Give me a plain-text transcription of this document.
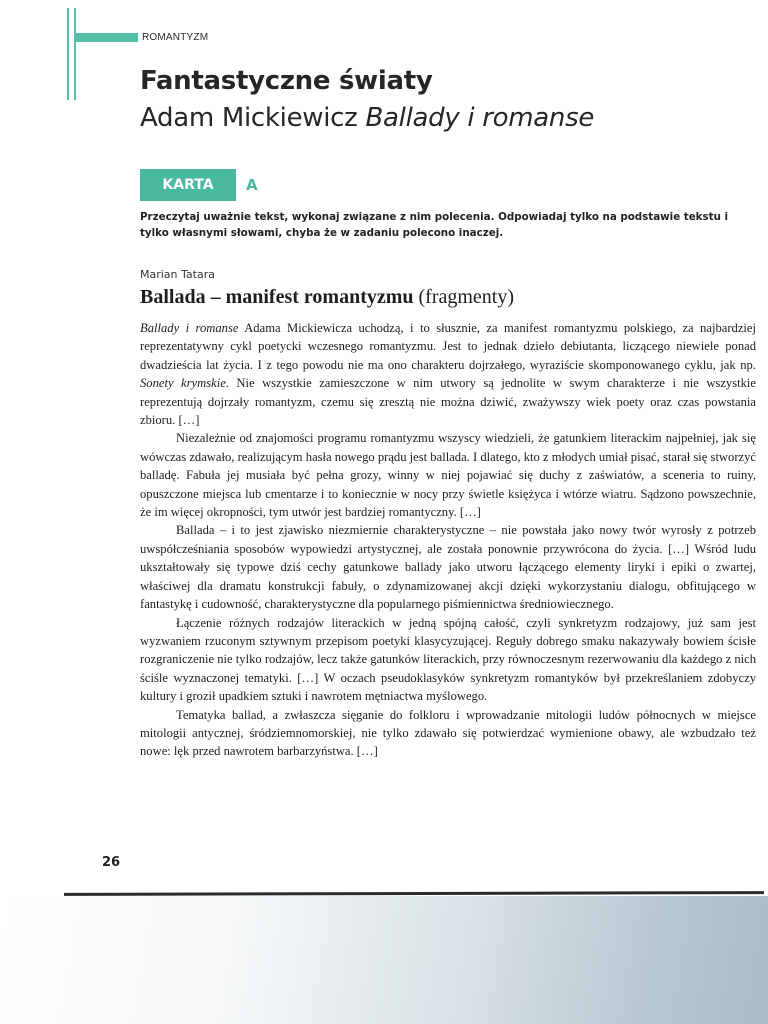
ROMANTYZM
Fantastyczne światy
Adam Mickiewicz Ballady i romanse
KARTA A
Przeczytaj uważnie tekst, wykonaj związane z nim polecenia. Odpowiadaj tylko na podstawie tekstu i tylko własnymi słowami, chyba że w zadaniu polecono inaczej.
Marian Tatara
Ballada – manifest romantyzmu (fragmenty)

Ballady i romanse Adama Mickiewicza uchodzą, i to słusznie, za manifest romantyzmu polskiego, za najbardziej reprezentatywny cykl poetycki wczesnego romantyzmu. Jest to jednak dzieło debiutanta, liczącego niewiele ponad dwadzieścia lat życia. I z tego powodu nie ma ono charakteru dojrzałego, wyraziście skomponowanego cyklu, jak np. Sonety krymskie. Nie wszystkie zamieszczone w nim utwory są jednolite w swym charakterze i nie wszystkie reprezentują dojrzały romantyzm, czemu się zresztą nie można dziwić, zważywszy wiek poety oraz czas powstania zbioru. […]

Niezależnie od znajomości programu romantyzmu wszyscy wiedzieli, że gatunkiem literackim najpełniej, jak się wówczas zdawało, realizującym hasła nowego prądu jest ballada. I dlatego, kto z młodych umiał pisać, starał się stworzyć balladę. Fabuła jej musiała być pełna grozy, winny w niej pojawiać się duchy z zaświatów, a sceneria to ruiny, opuszczone miejsca lub cmentarze i to koniecznie w nocy przy świetle księżyca i wtórze wiatru. Sądzono powszechnie, że im więcej okropności, tym utwór jest bardziej romantyczny. […]

Ballada – i to jest zjawisko niezmiernie charakterystyczne – nie powstała jako nowy twór wyrosły z potrzeb uwspółcześniania sposobów wypowiedzi artystycznej, ale została ponownie przywrócona do życia. […] Wśród ludu ukształtowały się typowe dziś cechy gatunkowe ballady jako utworu łączącego elementy liryki i epiki o zwartej, właściwej dla dramatu konstrukcji fabuły, o zdynamizowanej akcji dzięki wykorzystaniu dialogu, obfitującego w fantastykę i cudowność, charakterystyczne dla popularnego piśmiennictwa średniowiecznego.

Łączenie różnych rodzajów literackich w jedną spójną całość, czyli synkretyzm rodzajowy, już sam jest wyzwaniem rzuconym sztywnym przepisom poetyki klasycyzującej. Reguły dobrego smaku nakazywały bowiem ścisłe rozgraniczenie nie tylko rodzajów, lecz także gatunków literackich, przy równoczesnym rezerwowaniu dla każdego z nich ściśle wyznaczonej tematyki. […] W oczach pseudoklasyków synkretyzm romantyków był przekreślaniem zdobyczy kultury i groził upadkiem sztuki i nawrotem mętniactwa myślowego.

Tematyka ballad, a zwłaszcza sięganie do folkloru i wprowadzanie mitologii ludów północnych w miejsce mitologii antycznej, śródziemnomorskiej, nie tylko zdawało się potwierdzać wymienione obawy, ale wzbudzało też nowe: lęk przed nawrotem barbarzyństwa. […]

26
